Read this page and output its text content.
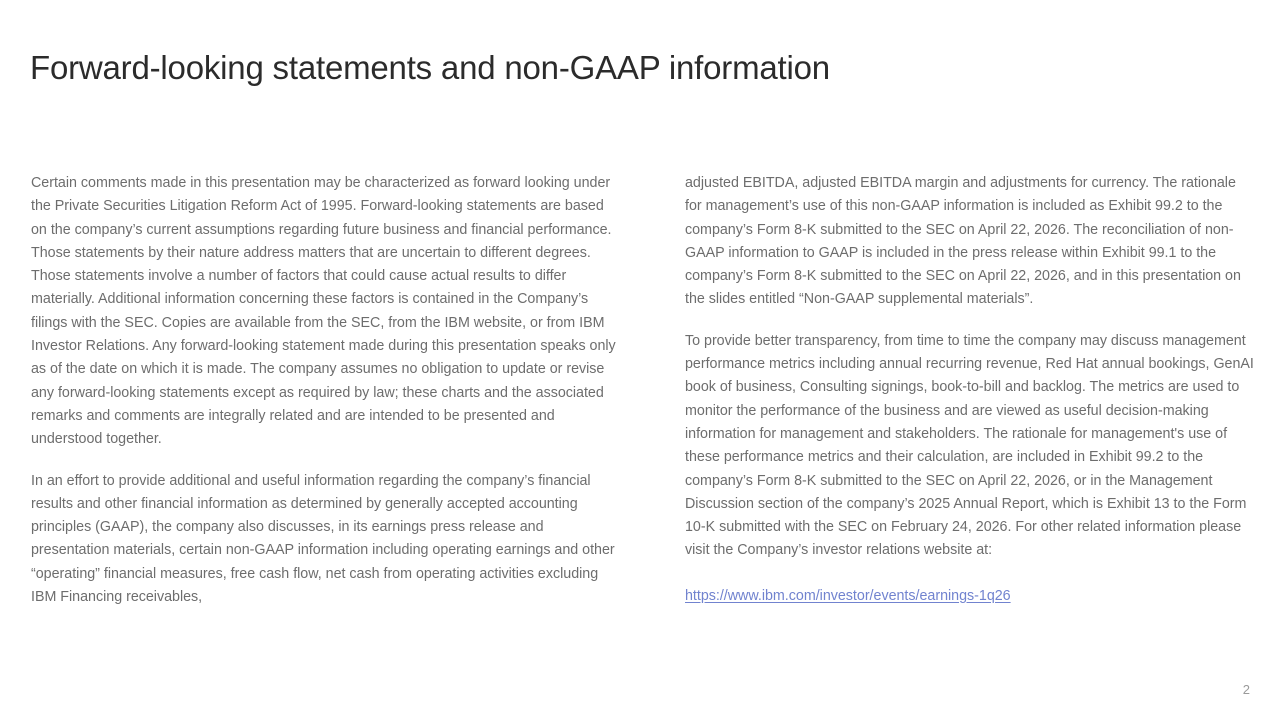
Forward-looking statements and non-GAAP information

Certain comments made in this presentation may be characterized as forward looking under the Private Securities Litigation Reform Act of 1995. Forward-looking statements are based on the company’s current assumptions regarding future business and financial performance. Those statements by their nature address matters that are uncertain to different degrees. Those statements involve a number of factors that could cause actual results to differ materially. Additional information concerning these factors is contained in the Company’s filings with the SEC. Copies are available from the SEC, from the IBM website, or from IBM Investor Relations. Any forward-looking statement made during this presentation speaks only as of the date on which it is made. The company assumes no obligation to update or revise any forward-looking statements except as required by law; these charts and the associated remarks and comments are integrally related and are intended to be presented and understood together.

In an effort to provide additional and useful information regarding the company’s financial results and other financial information as determined by generally accepted accounting principles (GAAP), the company also discusses, in its earnings press release and presentation materials, certain non-GAAP information including operating earnings and other “operating” financial measures, free cash flow, net cash from operating activities excluding IBM Financing receivables,

adjusted EBITDA, adjusted EBITDA margin and adjustments for currency. The rationale for management’s use of this non-GAAP information is included as Exhibit 99.2 to the company’s Form 8-K submitted to the SEC on April 22, 2026. The reconciliation of non-GAAP information to GAAP is included in the press release within Exhibit 99.1 to the company’s Form 8-K submitted to the SEC on April 22, 2026, and in this presentation on the slides entitled “Non-GAAP supplemental materials”.

To provide better transparency, from time to time the company may discuss management performance metrics including annual recurring revenue, Red Hat annual bookings, GenAI book of business, Consulting signings, book-to-bill and backlog. The metrics are used to monitor the performance of the business and are viewed as useful decision-making information for management and stakeholders. The rationale for management's use of these performance metrics and their calculation, are included in Exhibit 99.2 to the company’s Form 8-K submitted to the SEC on April 22, 2026, or in the Management Discussion section of the company’s 2025 Annual Report, which is Exhibit 13 to the Form 10-K submitted with the SEC on February 24, 2026. For other related information please visit the Company’s investor relations website at:

https://www.ibm.com/investor/events/earnings-1q26

2
